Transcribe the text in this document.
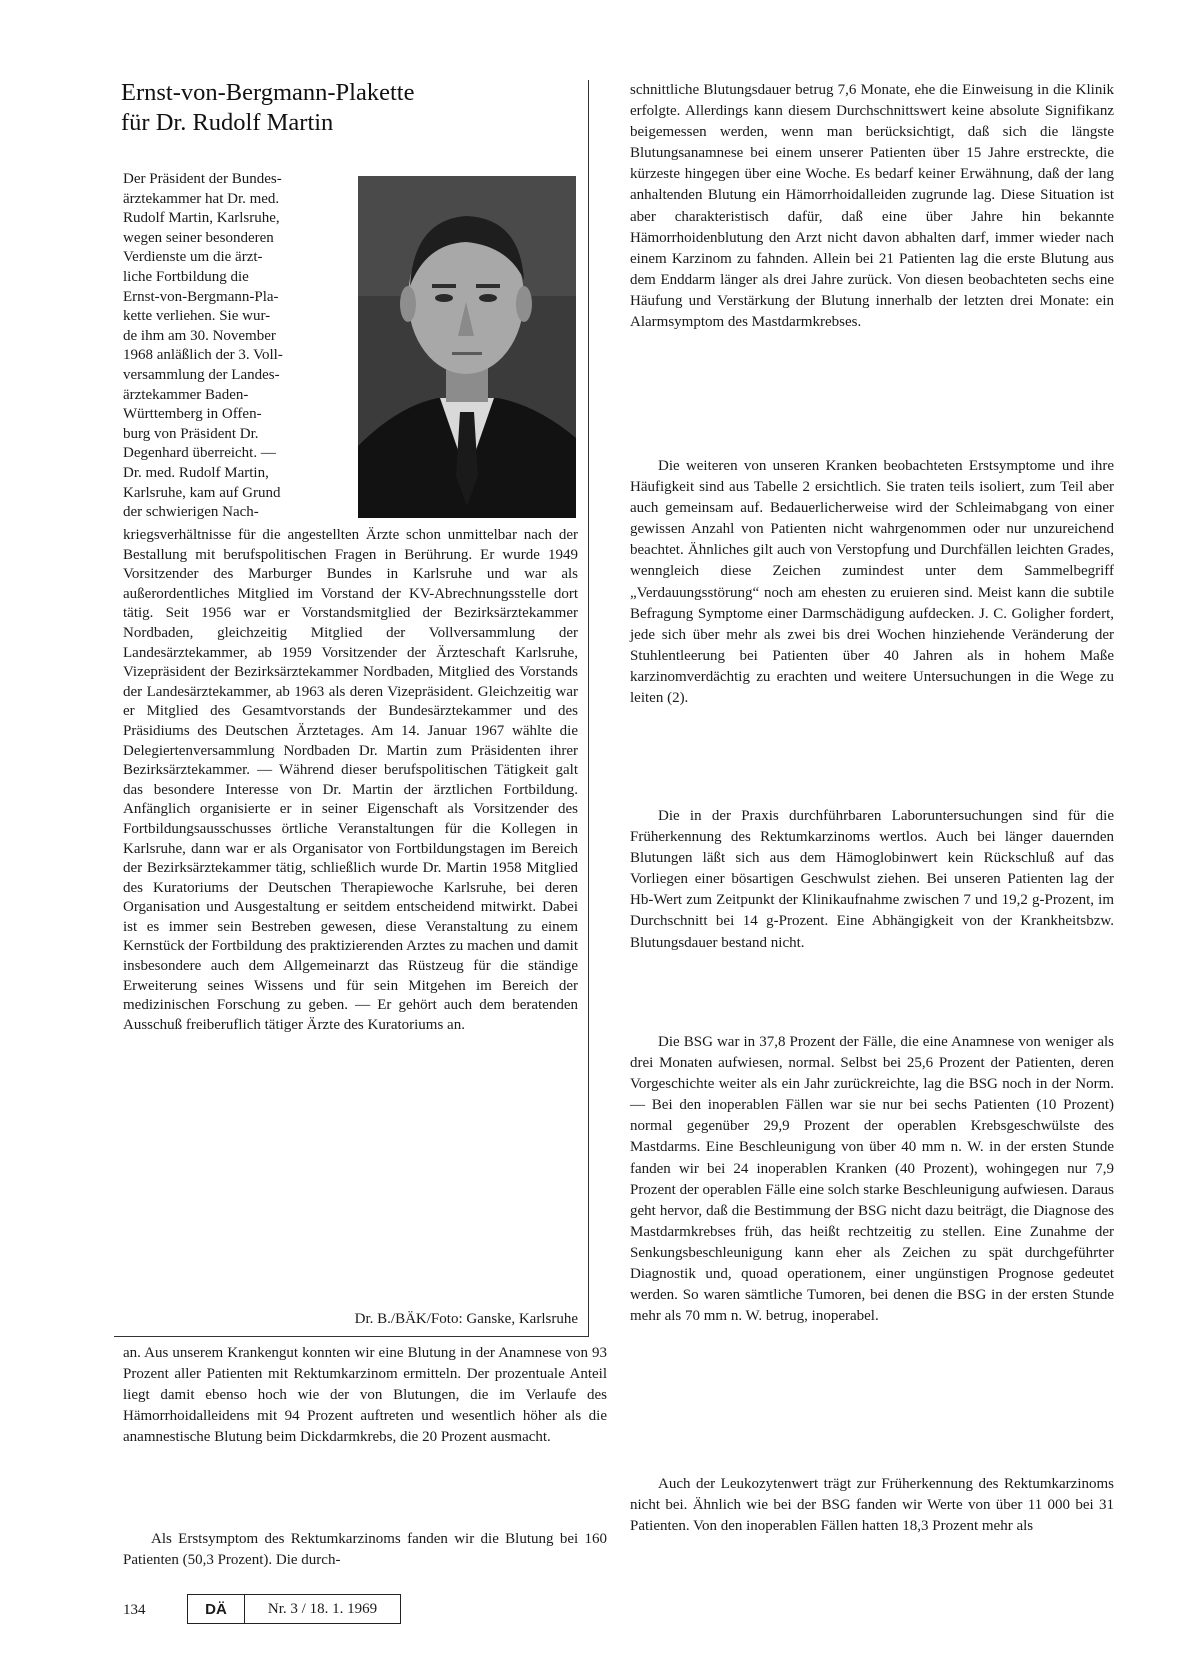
Ernst-von-Bergmann-Plakette
für Dr. Rudolf Martin
Der Präsident der Bundes-
ärztekammer hat Dr. med.
Rudolf Martin, Karlsruhe,
wegen seiner besonderen
Verdienste um die ärzt-
liche Fortbildung die
Ernst-von-Bergmann-Pla-
kette verliehen. Sie wur-
de ihm am 30. November
1968 anläßlich der 3. Voll-
versammlung der Landes-
ärztekammer Baden-
Württemberg in Offen-
burg von Präsident Dr.
Degenhard überreicht. —
Dr. med. Rudolf Martin,
Karlsruhe, kam auf Grund
der schwierigen Nach-

kriegsverhältnisse für die angestellten Ärzte schon unmittelbar nach der Bestallung mit berufspolitischen Fragen in Berührung. Er wurde 1949 Vorsitzender des Marburger Bundes in Karlsruhe und war als außerordentliches Mitglied im Vorstand der KV-Abrechnungsstelle dort tätig. Seit 1956 war er Vorstandsmitglied der Bezirksärztekammer Nordbaden, gleichzeitig Mitglied der Vollversammlung der Landesärztekammer, ab 1959 Vorsitzender der Ärzteschaft Karlsruhe, Vizepräsident der Bezirksärztekammer Nordbaden, Mitglied des Vorstands der Landesärztekammer, ab 1963 als deren Vizepräsident. Gleichzeitig war er Mitglied des Gesamtvorstands der Bundesärztekammer und des Präsidiums des Deutschen Ärztetages. Am 14. Januar 1967 wählte die Delegiertenversammlung Nordbaden Dr. Martin zum Präsidenten ihrer Bezirksärztekammer. — Während dieser berufspolitischen Tätigkeit galt das besondere Interesse von Dr. Martin der ärztlichen Fortbildung. Anfänglich organisierte er in seiner Eigenschaft als Vorsitzender des Fortbildungsausschusses örtliche Veranstaltungen für die Kollegen in Karlsruhe, dann war er als Organisator von Fortbildungstagen im Bereich der Bezirksärztekammer tätig, schließlich wurde Dr. Martin 1958 Mitglied des Kuratoriums der Deutschen Therapiewoche Karlsruhe, bei deren Organisation und Ausgestaltung er seitdem entscheidend mitwirkt. Dabei ist es immer sein Bestreben gewesen, diese Veranstaltung zu einem Kernstück der Fortbildung des praktizierenden Arztes zu machen und damit insbesondere auch dem Allgemeinarzt das Rüstzeug für die ständige Erweiterung seines Wissens und für sein Mitgehen im Bereich der medizinischen Forschung zu geben. — Er gehört auch dem beratenden Ausschuß freiberuflich tätiger Ärzte des Kuratoriums an.

Dr. B./BÄK/Foto: Ganske, Karlsruhe

an. Aus unserem Krankengut konnten wir eine Blutung in der Anamnese von 93 Prozent aller Patienten mit Rektumkarzinom ermitteln. Der prozentuale Anteil liegt damit ebenso hoch wie der von Blutungen, die im Verlaufe des Hämorrhoidalleidens mit 94 Prozent auftreten und wesentlich höher als die anamnestische Blutung beim Dickdarmkrebs, die 20 Prozent ausmacht.

Als Erstsymptom des Rektumkarzinoms fanden wir die Blutung bei 160 Patienten (50,3 Prozent). Die durch-

schnittliche Blutungsdauer betrug 7,6 Monate, ehe die Einweisung in die Klinik erfolgte. Allerdings kann diesem Durchschnittswert keine absolute Signifikanz beigemessen werden, wenn man berücksichtigt, daß sich die längste Blutungsanamnese bei einem unserer Patienten über 15 Jahre erstreckte, die kürzeste hingegen über eine Woche. Es bedarf keiner Erwähnung, daß der lang anhaltenden Blutung ein Hämorrhoidalleiden zugrunde lag. Diese Situation ist aber charakteristisch dafür, daß eine über Jahre hin bekannte Hämorrhoidenblutung den Arzt nicht davon abhalten darf, immer wieder nach einem Karzinom zu fahnden. Allein bei 21 Patienten lag die erste Blutung aus dem Enddarm länger als drei Jahre zurück. Von diesen beobachteten sechs eine Häufung und Verstärkung der Blutung innerhalb der letzten drei Monate: ein Alarmsymptom des Mastdarmkrebses.

Die weiteren von unseren Kranken beobachteten Erstsymptome und ihre Häufigkeit sind aus Tabelle 2 ersichtlich. Sie traten teils isoliert, zum Teil aber auch gemeinsam auf. Bedauerlicherweise wird der Schleimabgang von einer gewissen Anzahl von Patienten nicht wahrgenommen oder nur unzureichend beachtet. Ähnliches gilt auch von Verstopfung und Durchfällen leichten Grades, wenngleich diese Zeichen zumindest unter dem Sammelbegriff „Verdauungsstörung“ noch am ehesten zu eruieren sind. Meist kann die subtile Befragung Symptome einer Darmschädigung aufdecken. J. C. Goligher fordert, jede sich über mehr als zwei bis drei Wochen hinziehende Veränderung der Stuhlentleerung bei Patienten über 40 Jahren als in hohem Maße karzinomverdächtig zu erachten und weitere Untersuchungen in die Wege zu leiten (2).

Die in der Praxis durchführbaren Laboruntersuchungen sind für die Früherkennung des Rektumkarzinoms wertlos. Auch bei länger dauernden Blutungen läßt sich aus dem Hämoglobinwert kein Rückschluß auf das Vorliegen einer bösartigen Geschwulst ziehen. Bei unseren Patienten lag der Hb-Wert zum Zeitpunkt der Klinikaufnahme zwischen 7 und 19,2 g-Prozent, im Durchschnitt bei 14 g-Prozent. Eine Abhängigkeit von der Krankheitsbzw. Blutungsdauer bestand nicht.

Die BSG war in 37,8 Prozent der Fälle, die eine Anamnese von weniger als drei Monaten aufwiesen, normal. Selbst bei 25,6 Prozent der Patienten, deren Vorgeschichte weiter als ein Jahr zurückreichte, lag die BSG noch in der Norm. — Bei den inoperablen Fällen war sie nur bei sechs Patienten (10 Prozent) normal gegenüber 29,9 Prozent der operablen Krebsgeschwülste des Mastdarms. Eine Beschleunigung von über 40 mm n. W. in der ersten Stunde fanden wir bei 24 inoperablen Kranken (40 Prozent), wohingegen nur 7,9 Prozent der operablen Fälle eine solch starke Beschleunigung aufwiesen. Daraus geht hervor, daß die Bestimmung der BSG nicht dazu beiträgt, die Diagnose des Mastdarmkrebses früh, das heißt rechtzeitig zu stellen. Eine Zunahme der Senkungsbeschleunigung kann eher als Zeichen zu spät durchgeführter Diagnostik und, quoad operationem, einer ungünstigen Prognose gedeutet werden. So waren sämtliche Tumoren, bei denen die BSG in der ersten Stunde mehr als 70 mm n. W. betrug, inoperabel.

Auch der Leukozytenwert trägt zur Früherkennung des Rektumkarzinoms nicht bei. Ähnlich wie bei der BSG fanden wir Werte von über 11 000 bei 31 Patienten. Von den inoperablen Fällen hatten 18,3 Prozent mehr als

134	DÄ	Nr. 3 / 18. 1. 1969
